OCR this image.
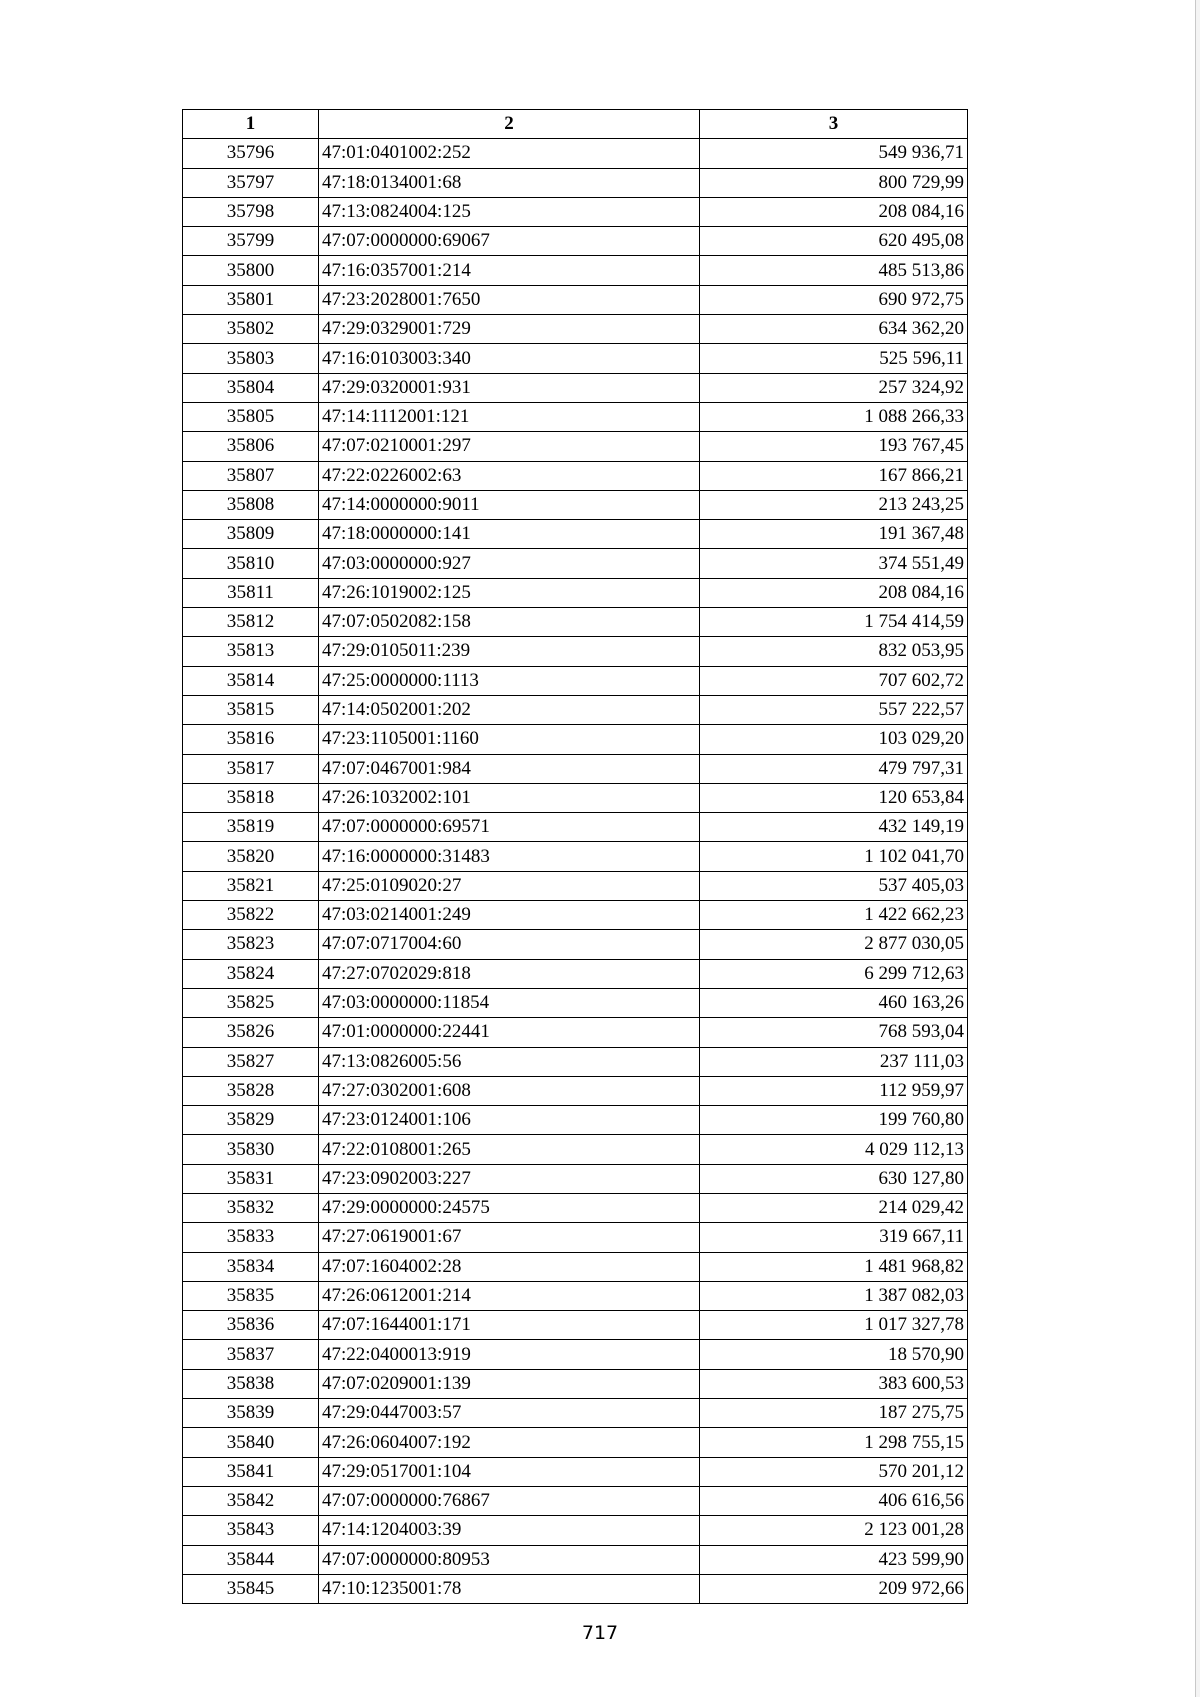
1	2	3
35796	47:01:0401002:252	549 936,71
35797	47:18:0134001:68	800 729,99
35798	47:13:0824004:125	208 084,16
35799	47:07:0000000:69067	620 495,08
35800	47:16:0357001:214	485 513,86
35801	47:23:2028001:7650	690 972,75
35802	47:29:0329001:729	634 362,20
35803	47:16:0103003:340	525 596,11
35804	47:29:0320001:931	257 324,92
35805	47:14:1112001:121	1 088 266,33
35806	47:07:0210001:297	193 767,45
35807	47:22:0226002:63	167 866,21
35808	47:14:0000000:9011	213 243,25
35809	47:18:0000000:141	191 367,48
35810	47:03:0000000:927	374 551,49
35811	47:26:1019002:125	208 084,16
35812	47:07:0502082:158	1 754 414,59
35813	47:29:0105011:239	832 053,95
35814	47:25:0000000:1113	707 602,72
35815	47:14:0502001:202	557 222,57
35816	47:23:1105001:1160	103 029,20
35817	47:07:0467001:984	479 797,31
35818	47:26:1032002:101	120 653,84
35819	47:07:0000000:69571	432 149,19
35820	47:16:0000000:31483	1 102 041,70
35821	47:25:0109020:27	537 405,03
35822	47:03:0214001:249	1 422 662,23
35823	47:07:0717004:60	2 877 030,05
35824	47:27:0702029:818	6 299 712,63
35825	47:03:0000000:11854	460 163,26
35826	47:01:0000000:22441	768 593,04
35827	47:13:0826005:56	237 111,03
35828	47:27:0302001:608	112 959,97
35829	47:23:0124001:106	199 760,80
35830	47:22:0108001:265	4 029 112,13
35831	47:23:0902003:227	630 127,80
35832	47:29:0000000:24575	214 029,42
35833	47:27:0619001:67	319 667,11
35834	47:07:1604002:28	1 481 968,82
35835	47:26:0612001:214	1 387 082,03
35836	47:07:1644001:171	1 017 327,78
35837	47:22:0400013:919	18 570,90
35838	47:07:0209001:139	383 600,53
35839	47:29:0447003:57	187 275,75
35840	47:26:0604007:192	1 298 755,15
35841	47:29:0517001:104	570 201,12
35842	47:07:0000000:76867	406 616,56
35843	47:14:1204003:39	2 123 001,28
35844	47:07:0000000:80953	423 599,90
35845	47:10:1235001:78	209 972,66
717
